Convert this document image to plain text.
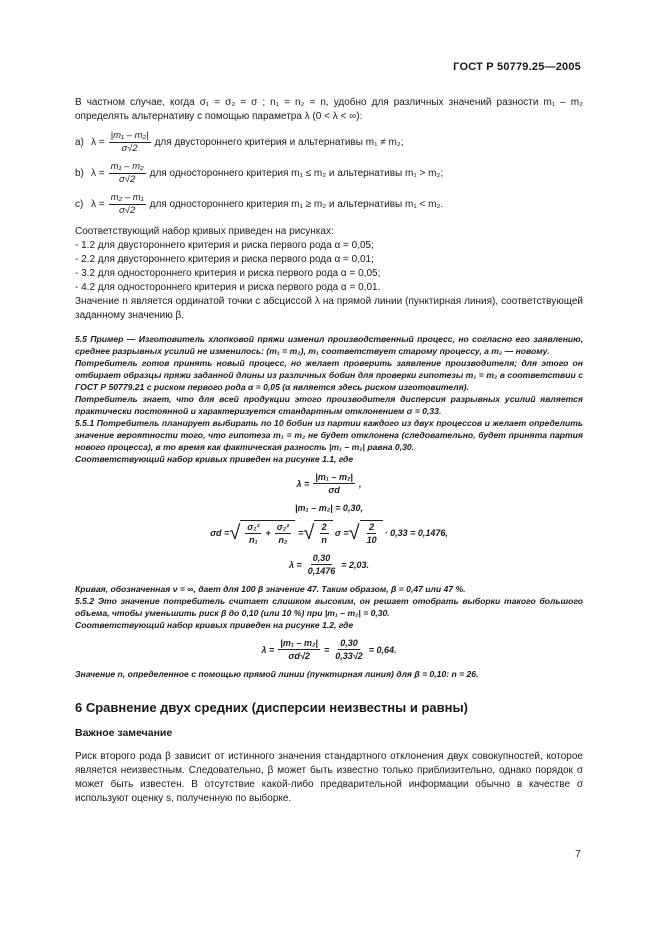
ГОСТ Р 50779.25—2005

В частном случае, когда σ₁ = σ₂ = σ ; n₁ = n₂ = n, удобно для различных значений разности m₁ – m₂ определять альтернативу с помощью параметра λ (0 < λ < ∞):

а) $\lambda = \frac{\text{|m₁ – m₂|}}{\sigma√2}$ для двустороннего критерия и альтернативы m₁ ≠ m₂;
b) $\lambda = \frac{\text{m₁ – m₂}}{\sigma√2}$ для одностороннего критерия m₁ ≤ m₂ и альтернативы m₁ > m₂;
с) $\lambda = \frac{\text{m₂ – m₁}}{\sigma√2}$ для одностороннего критерия m₁ ≥ m₂ и альтернативы m₁ < m₂.

Соответствующий набор кривых приведен на рисунках:

- 1.2 для двустороннего критерия и риска первого рода α = 0,05;

- 2.2 для двустороннего критерия и риска первого рода α = 0,01;

- 3.2 для одностороннего критерия и риска первого рода α = 0,05;

- 4.2 для одностороннего критерия и риска первого рода α = 0,01.

Значение n является ординатой точки с абсциссой λ на прямой линии (пунктирная линия), соответствующей заданному значению β.

5.5 Пример — Изготовитель хлопковой пряжи изменил производственный процесс, но согласно его заявлению, среднее разрывных усилий не изменилось: (m₁ = m₂), m₁ соответствует старому процессу, а m₂ — новому.

Потребитель готов принять новый процесс, но желает проверить заявление производителя; для этого он отбирает образцы пряжи заданной длины из различных бобин для проверки гипотезы m₁ = m₂ в соответствии с ГОСТ Р 50779.21 с риском первого рода α = 0,05 (α является здесь риском изготовителя).

Потребитель знает, что для всей продукции этого производителя дисперсия разрывных усилий является практически постоянной и характеризуется стандартным отклонением σ = 0,33.

5.5.1 Потребитель планирует выбирать по 10 бобин из партии каждого из двух процессов и желает определить значение вероятности того, что гипотеза m₁ = m₂ не будет отклонена (следовательно, будет принята партия нового процесса), в то время как фактическая разность |m₁ – m₂| равна 0,30.

Соответствующий набор кривых приведен на рисунке 1.1, где

$\lambda = \frac{\text{|m₁ – m₂|}}{\sigma d}$ ,
|m₁ – m₂| = 0,30,
σd = √ $\frac{\text{σ₁²}}{\text{n₁}} + \frac{\text{σ₂²}}{\text{n₂}}$ = √ $\frac{2}{n}$ σ = √ $\frac{2}{10} \cdot 0,33 = 0,1476$,
$\lambda = \frac{0,30}{0,1476} = 2,03$.

Кривая, обозначенная ν = ∞, дает для 100 β значение 47. Таким образом, β = 0,47 или 47 %.

5.5.2 Это значение потребитель считает слишком высоким, он решает отобрать выборки такого большого объема, чтобы уменьшить риск β до 0,10 (или 10 %) при |m₁ – m₂| = 0,30.

Соответствующий набор кривых приведен на рисунке 1.2, где

$\lambda = \frac{\text{|m₁ – m₂|}}{\sigma d√2} = \frac{0,30}{0,33√2} = 0,64$.

Значение n, определенное с помощью прямой линии (пунктирная линия) для β = 0,10: n = 26.

6 Сравнение двух средних (дисперсии неизвестны и равны)
Важное замечание

Риск второго рода β зависит от истинного значения стандартного отклонения двух совокупностей, которое является неизвестным. Следовательно, β может быть известно только приблизительно, однако порядок σ может быть известен. В отсутствие какой-либо предварительной информации обычно в качестве σ используют оценку s, полученную по выборке.

7
